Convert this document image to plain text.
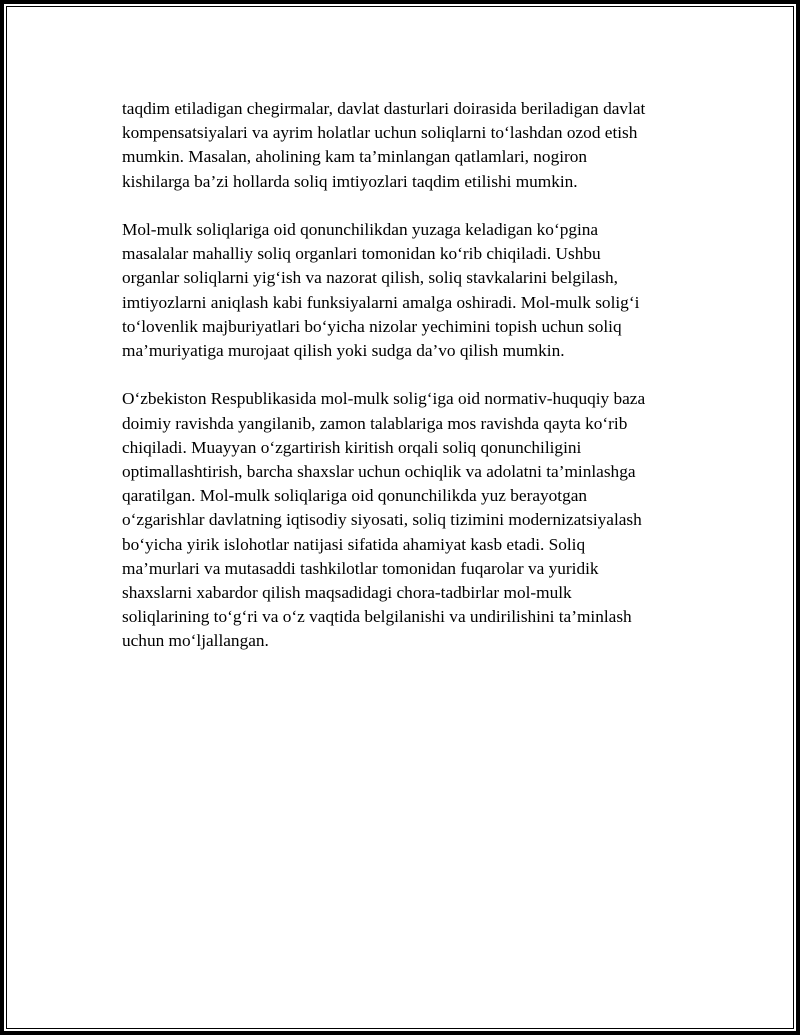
taqdim etiladigan chegirmalar, davlat dasturlari doirasida beriladigan davlat
kompensatsiyalari va ayrim holatlar uchun soliqlarni to‘lashdan ozod etish
mumkin. Masalan, aholining kam ta’minlangan qatlamlari, nogiron
kishilarga ba’zi hollarda soliq imtiyozlari taqdim etilishi mumkin.

Mol-mulk soliqlariga oid qonunchilikdan yuzaga keladigan ko‘pgina
masalalar mahalliy soliq organlari tomonidan ko‘rib chiqiladi. Ushbu
organlar soliqlarni yig‘ish va nazorat qilish, soliq stavkalarini belgilash,
imtiyozlarni aniqlash kabi funksiyalarni amalga oshiradi. Mol-mulk solig‘i
to‘lovenlik majburiyatlari bo‘yicha nizolar yechimini topish uchun soliq
ma’muriyatiga murojaat qilish yoki sudga da’vo qilish mumkin.

O‘zbekiston Respublikasida mol-mulk solig‘iga oid normativ-huquqiy baza
doimiy ravishda yangilanib, zamon talablariga mos ravishda qayta ko‘rib
chiqiladi. Muayyan o‘zgartirish kiritish orqali soliq qonunchiligini
optimallashtirish, barcha shaxslar uchun ochiqlik va adolatni ta’minlashga
qaratilgan. Mol-mulk soliqlariga oid qonunchilikda yuz berayotgan
o‘zgarishlar davlatning iqtisodiy siyosati, soliq tizimini modernizatsiyalash
bo‘yicha yirik islohotlar natijasi sifatida ahamiyat kasb etadi. Soliq
ma’murlari va mutasaddi tashkilotlar tomonidan fuqarolar va yuridik
shaxslarni xabardor qilish maqsadidagi chora-tadbirlar mol-mulk
soliqlarining to‘g‘ri va o‘z vaqtida belgilanishi va undirilishini ta’minlash
uchun mo‘ljallangan.
